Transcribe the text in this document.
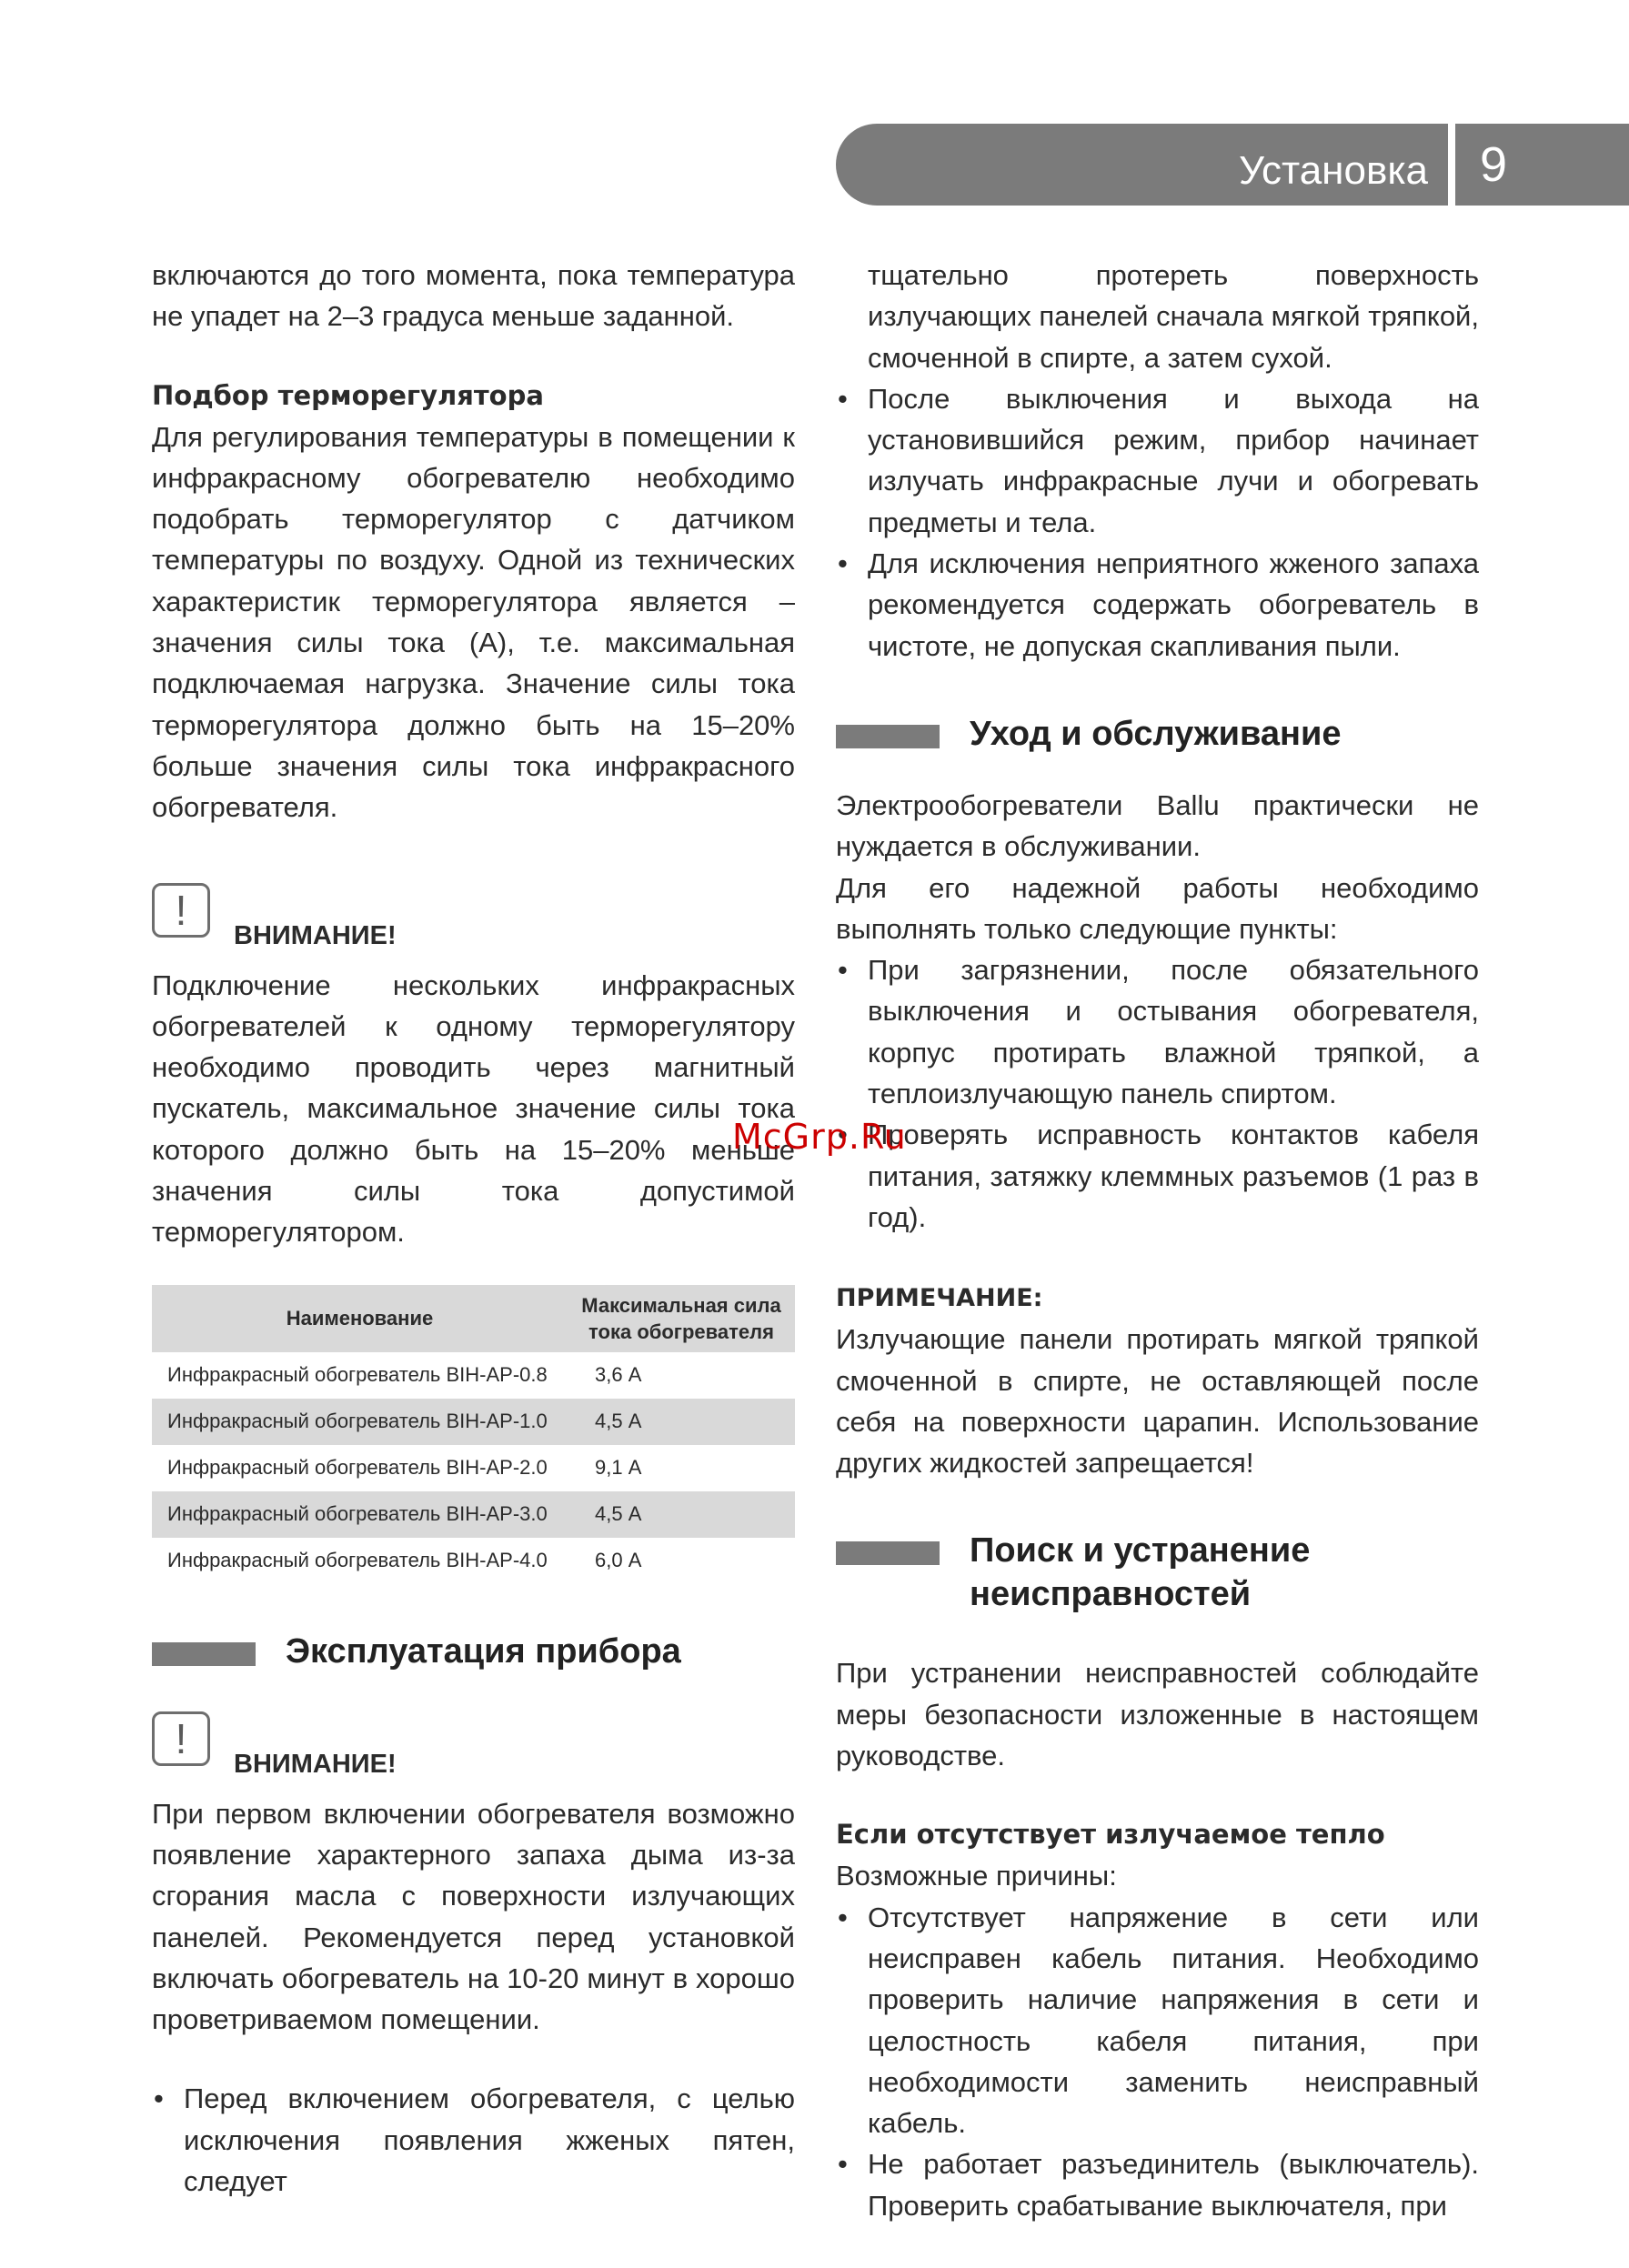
Установка терморегулятора
9

включаются до того момента, пока температура не упадет на 2–3 градуса меньше заданной.

Подбор терморегулятора

Для регулирования температуры в помещении к инфракрасному обогревателю необходимо подобрать терморегулятор с датчиком температуры по воздуху. Одной из технических характеристик терморегулятора является – значения силы тока (А), т.е. максимальная подключаемая нагрузка. Значение силы тока терморегулятора должно быть на 15–20% больше значения силы тока инфракрасного обогревателя.

!
ВНИМАНИЕ!

Подключение нескольких инфракрасных обогревателей к одному терморегулятору необходимо проводить через магнитный пускатель, максимальное значение силы тока которого должно быть на 15–20% меньше значения силы тока допустимой терморегулятором.

Наименование	Максимальная сила тока обогревателя
Инфракрасный обогреватель BIH-AP-0.8	3,6 А
Инфракрасный обогреватель BIH-AP-1.0	4,5 А
Инфракрасный обогреватель BIH-AP-2.0	9,1 А
Инфракрасный обогреватель BIH-AP-3.0	4,5 А
Инфракрасный обогреватель BIH-AP-4.0	6,0 А
Эксплуатация прибора
!
ВНИМАНИЕ!

При первом включении обогревателя возможно появление характерного запаха дыма из-за сгорания масла с поверхности излучающих панелей. Рекомендуется перед установкой включать обогреватель на 10-20 минут в хорошо проветриваемом помещении.

• Перед включением обогревателя, с целью исключения появления жженых пятен, следует
тщательно протереть поверхность излучающих панелей сначала мягкой тряпкой, смоченной в спирте, а затем сухой.
• После выключения и выхода на установившийся режим, прибор начинает излучать инфракрасные лучи и обогревать предметы и тела.
• Для исключения неприятного жженого запаха рекомендуется содержать обогреватель в чистоте, не допуская скапливания пыли.
Уход и обслуживание

Электрообогреватели Ballu практически не нуждается в обслуживании.

Для его надежной работы необходимо выполнять только следующие пункты:

• При загрязнении, после обязательного выключения и остывания обогревателя, корпус протирать влажной тряпкой, а теплоизлучающую панель спиртом.
• Проверять исправность контактов кабеля питания, затяжку клеммных разъемов (1 раз в год).
ПРИМЕЧАНИЕ:

Излучающие панели протирать мягкой тряпкой смоченной в спирте, не оставляющей после себя на поверхности царапин. Использование других жидкостей запрещается!

Поиск и устранение
неисправностей

При устранении неисправностей соблюдайте меры безопасности изложенные в настоящем руководстве.

Если отсутствует излучаемое тепло

Возможные причины:

• Отсутствует напряжение в сети или неисправен кабель питания. Необходимо проверить наличие напряжения в сети и целостность кабеля питания, при необходимости заменить неисправный кабель.
• Не работает разъединитель (выключатель). Проверить срабатывание выключателя, при
McGrp.Ru
